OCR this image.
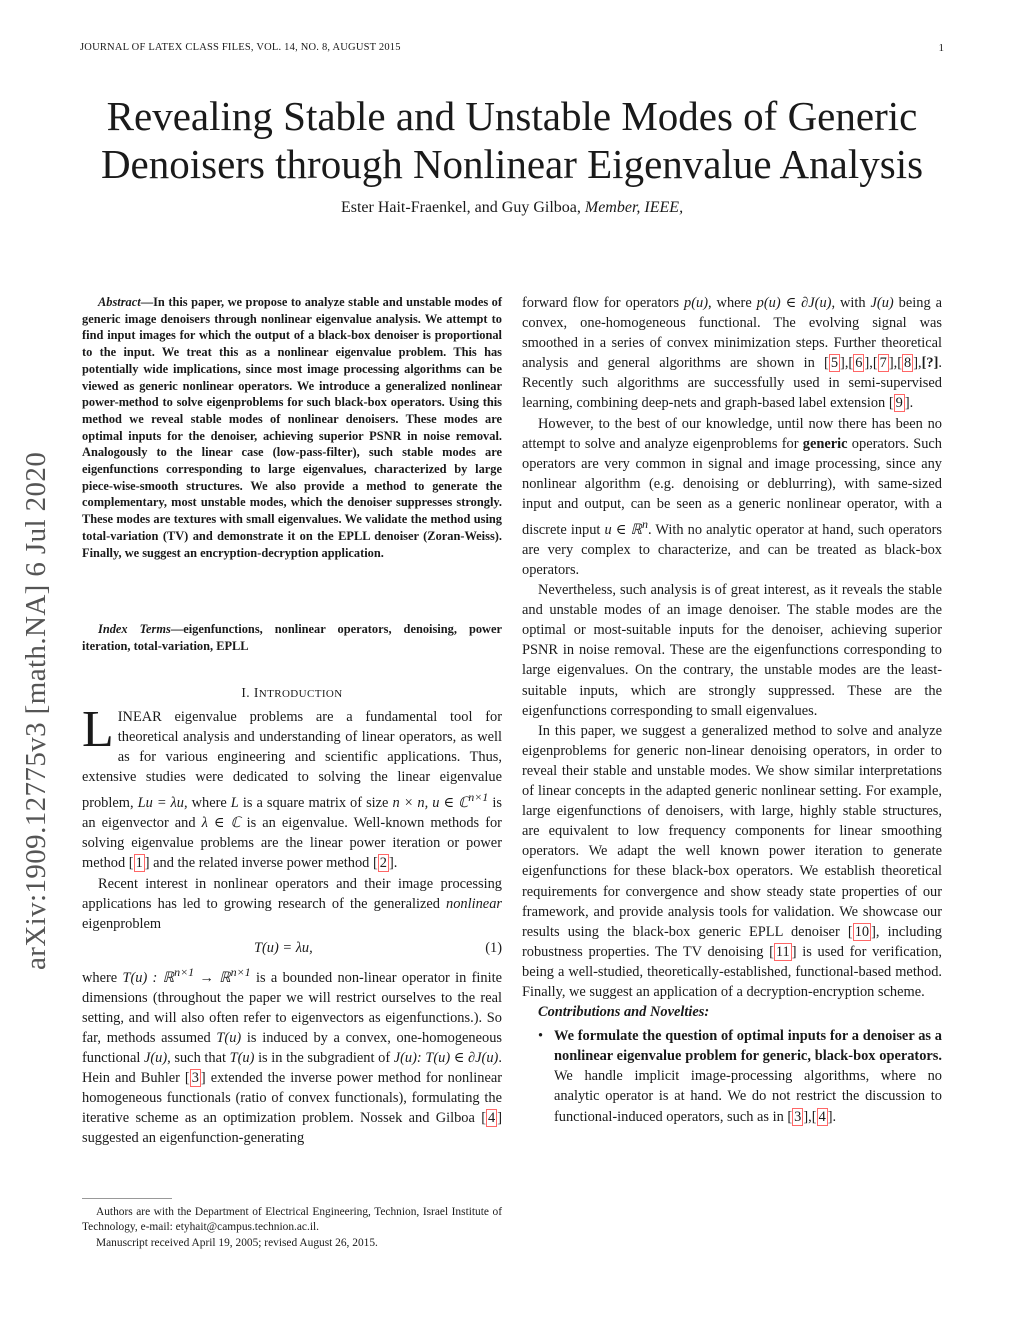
JOURNAL OF LATEX CLASS FILES, VOL. 14, NO. 8, AUGUST 2015	1
Revealing Stable and Unstable Modes of Generic
Denoisers through Nonlinear Eigenvalue Analysis
Ester Hait-Fraenkel, and Guy Gilboa, Member, IEEE,
arXiv:1909.12775v3 [math.NA] 6 Jul 2020

Abstract—In this paper, we propose to analyze stable and unstable modes of generic image denoisers through nonlinear eigenvalue analysis. We attempt to find input images for which the output of a black-box denoiser is proportional to the input. We treat this as a nonlinear eigenvalue problem. This has potentially wide implications, since most image processing algorithms can be viewed as generic nonlinear operators. We introduce a generalized nonlinear power-method to solve eigenproblems for such black-box operators. Using this method we reveal stable modes of nonlinear denoisers. These modes are optimal inputs for the denoiser, achieving superior PSNR in noise removal. Analogously to the linear case (low-pass-filter), such stable modes are eigenfunctions corresponding to large eigenvalues, characterized by large piece-wise-smooth structures. We also provide a method to generate the complementary, most unstable modes, which the denoiser suppresses strongly. These modes are textures with small eigenvalues. We validate the method using total-variation (TV) and demonstrate it on the EPLL denoiser (Zoran-Weiss). Finally, we suggest an encryption-decryption application.

Index Terms—eigenfunctions, nonlinear operators, denoising, power iteration, total-variation, EPLL

I. INTRODUCTION

LINEAR eigenvalue problems are a fundamental tool for theoretical analysis and understanding of linear operators, as well as for various engineering and scientific applications. Thus, extensive studies were dedicated to solving the linear eigenvalue problem, Lu = λu, where L is a square matrix of size n × n, u ∈ ℂ$^{n\times 1}$ is an eigenvector and λ ∈ ℂ is an eigenvalue. Well-known methods for solving eigenvalue problems are the linear power iteration or power method [ 1 ] and the related inverse power method [ 2 ].

Recent interest in nonlinear operators and their image processing applications has led to growing research of the generalized nonlinear eigenproblem

T(u) = λu,	(1)

where T(u) : ℝ$^{n\times 1}$ → ℝ$^{n\times 1}$ is a bounded non-linear operator in finite dimensions (throughout the paper we will restrict ourselves to the real setting, and will also often refer to eigenvectors as eigenfunctions.). So far, methods assumed T(u) is induced by a convex, one-homogeneous functional J(u), such that T(u) is in the subgradient of J(u): T(u) ∈ ∂J(u). Hein and Buhler [ 3 ] extended the inverse power method for nonlinear homogeneous functionals (ratio of convex functionals), formulating the iterative scheme as an optimization problem. Nossek and Gilboa [ 4 ] suggested an eigenfunction-generating

Authors are with the Department of Electrical Engineering, Technion, Israel Institute of Technology, e-mail: etyhait@campus.technion.ac.il.

Manuscript received April 19, 2005; revised August 26, 2015.

forward flow for operators p(u), where p(u) ∈ ∂J(u), with J(u) being a convex, one-homogeneous functional. The evolving signal was smoothed in a series of convex minimization steps. Further theoretical analysis and general algorithms are shown in [ 5 ],[ 6 ],[ 7 ],[ 8 ],[?]. Recently such algorithms are successfully used in semi-supervised learning, combining deep-nets and graph-based label extension [ 9 ].

However, to the best of our knowledge, until now there has been no attempt to solve and analyze eigenproblems for generic operators. Such operators are very common in signal and image processing, since any nonlinear algorithm (e.g. denoising or deblurring), with same-sized input and output, can be seen as a generic nonlinear operator, with a discrete input u ∈ ℝ$^n$. With no analytic operator at hand, such operators are very complex to characterize, and can be treated as black-box operators.

Nevertheless, such analysis is of great interest, as it reveals the stable and unstable modes of an image denoiser. The stable modes are the optimal or most-suitable inputs for the denoiser, achieving superior PSNR in noise removal. These are the eigenfunctions corresponding to large eigenvalues. On the contrary, the unstable modes are the least-suitable inputs, which are strongly suppressed. These are the eigenfunctions corresponding to small eigenvalues.

In this paper, we suggest a generalized method to solve and analyze eigenproblems for generic non-linear denoising operators, in order to reveal their stable and unstable modes. We show similar interpretations of linear concepts in the adapted generic nonlinear setting. For example, large eigenfunctions of denoisers, with large, highly stable structures, are equivalent to low frequency components for linear smoothing operators. We adapt the well known power iteration to generate eigenfunctions for these black-box operators. We establish theoretical requirements for convergence and show steady state properties of our framework, and provide analysis tools for validation. We showcase our results using the black-box generic EPLL denoiser [ 10 ], including robustness properties. The TV denoising [ 11 ] is used for verification, being a well-studied, theoretically-established, functional-based method. Finally, we suggest an application of a decryption-encryption scheme.

Contributions and Novelties:

• We formulate the question of optimal inputs for a denoiser as a nonlinear eigenvalue problem for generic, black-box operators. We handle implicit image-processing algorithms, where no analytic operator is at hand. We do not restrict the discussion to functional-induced operators, such as in [ 3 ],[ 4 ].
